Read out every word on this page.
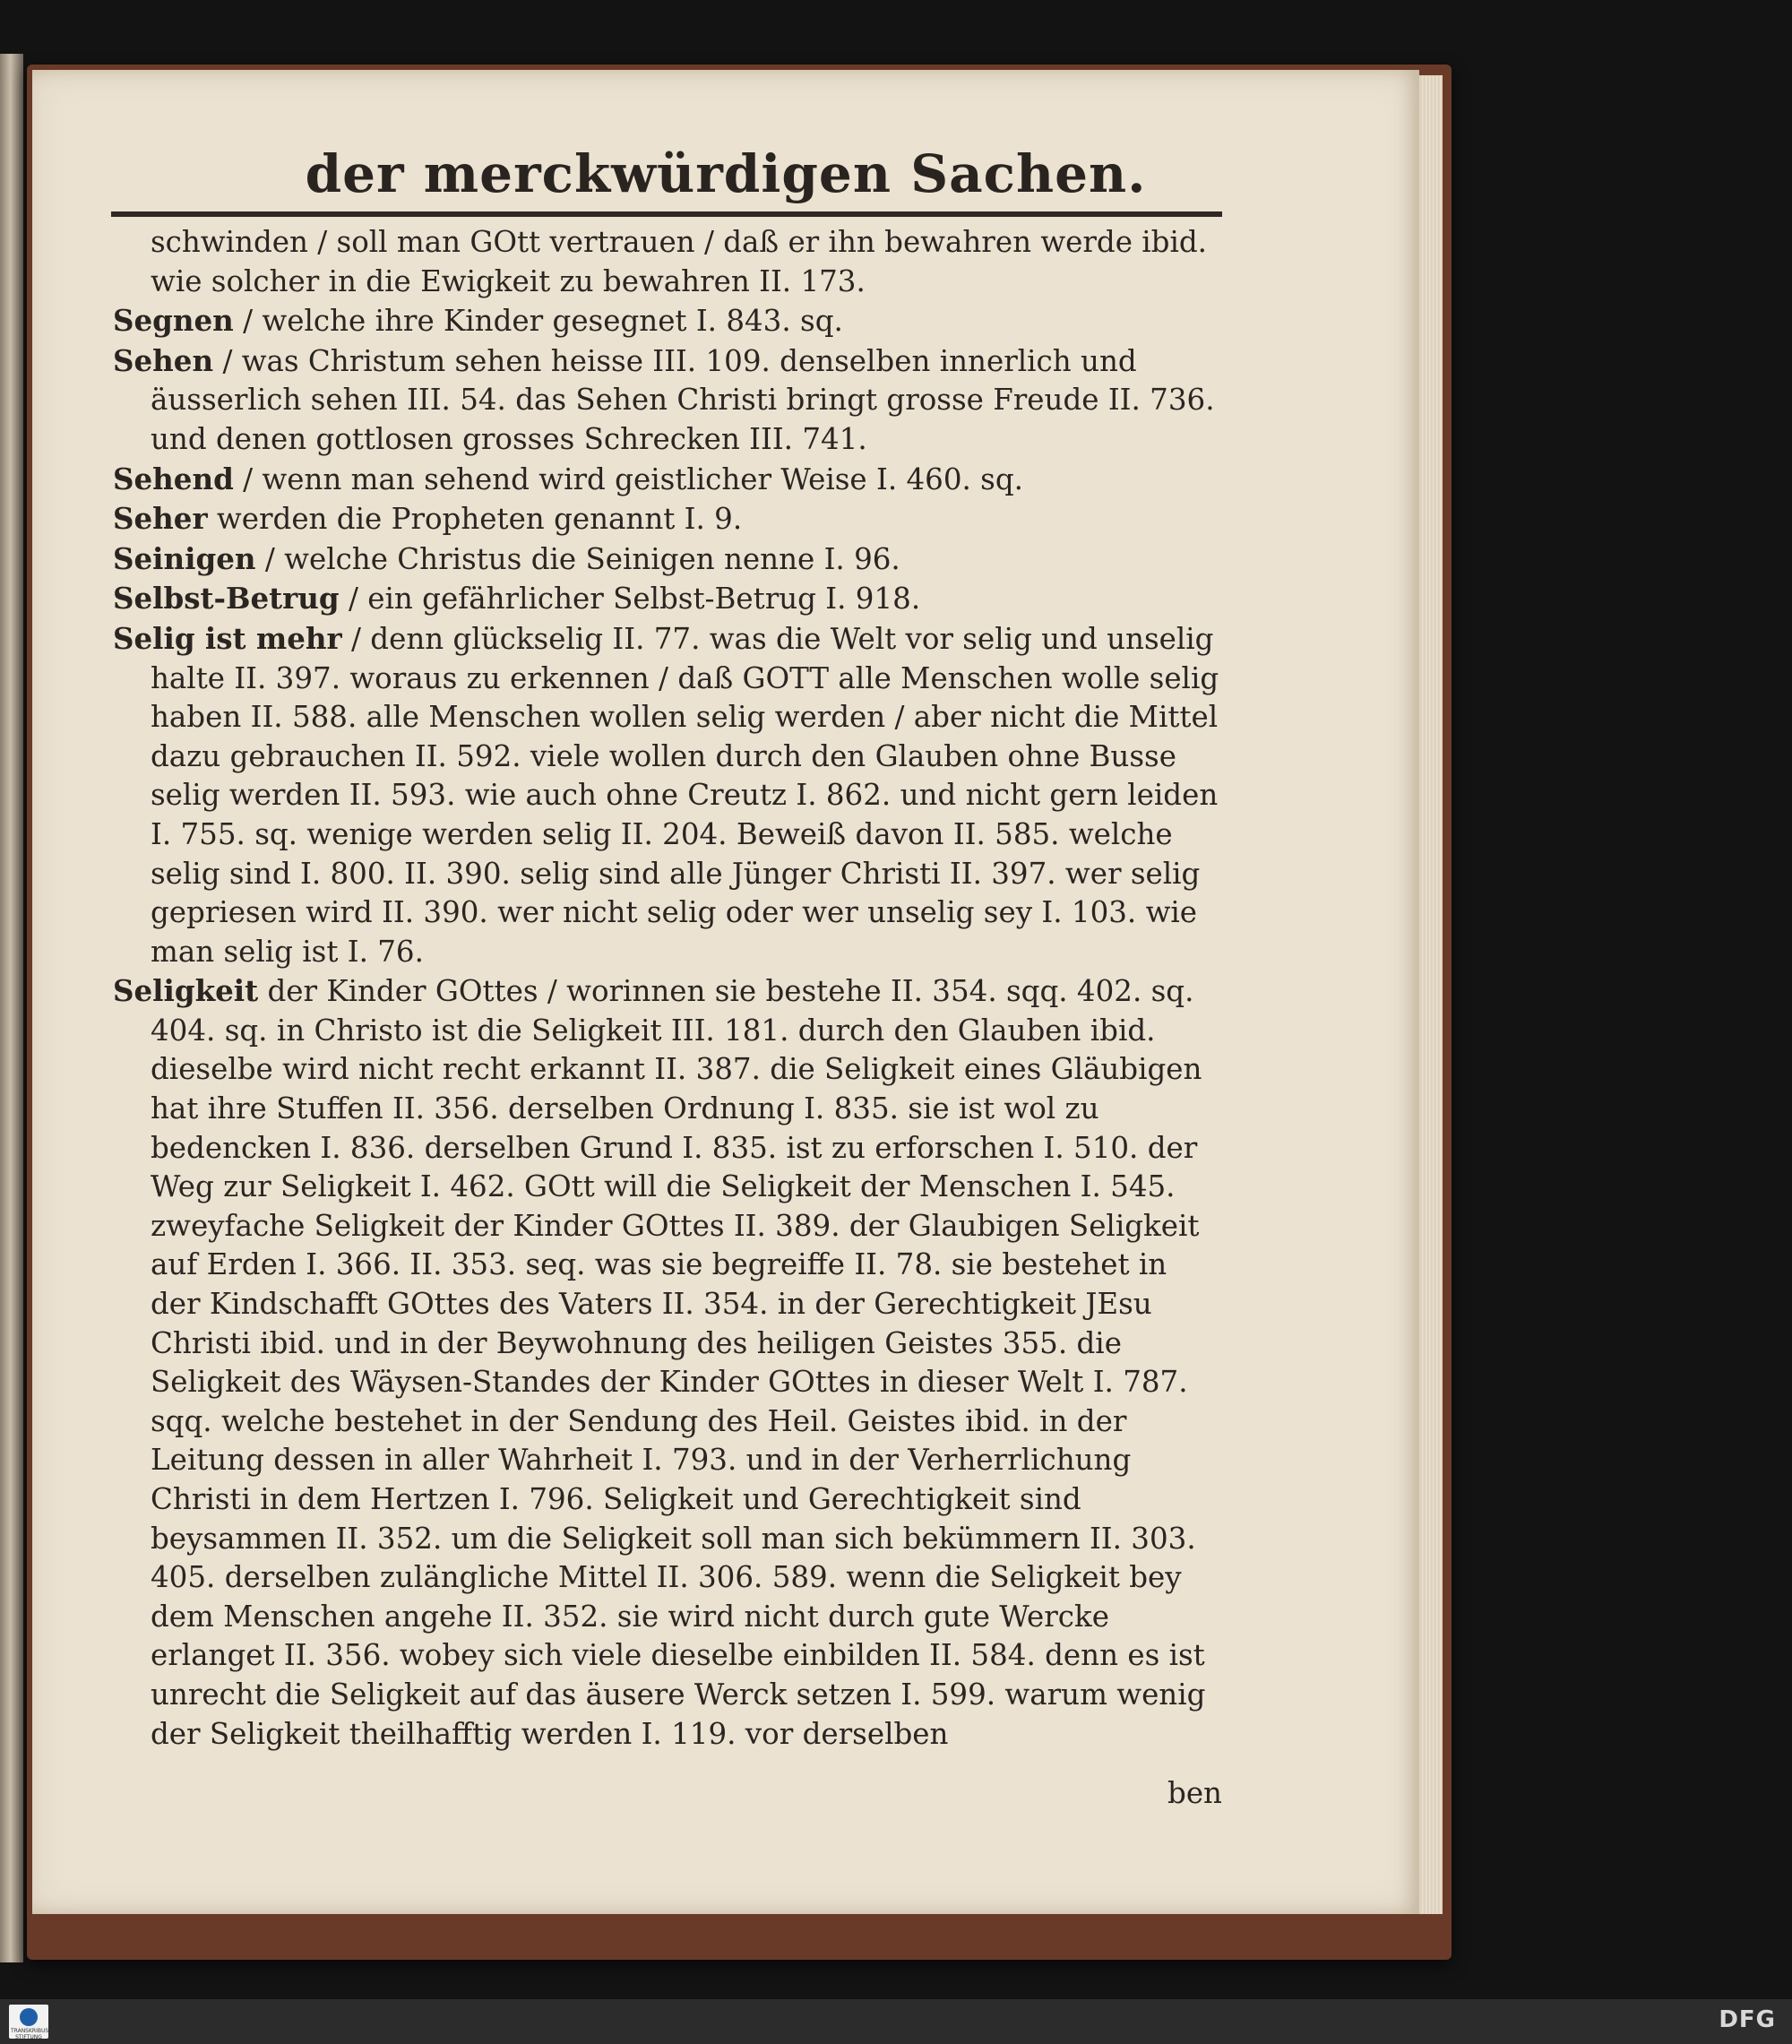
der merckwürdigen Sachen.

schwinden / soll man GOtt vertrauen / daß er ihn bewahren werde ibid. wie solcher in die Ewigkeit zu bewahren II. 173.

Segnen / welche ihre Kinder gesegnet I. 843. sq.

Sehen / was Christum sehen heisse III. 109. denselben innerlich und äusserlich sehen III. 54. das Sehen Christi bringt grosse Freude II. 736. und denen gottlosen grosses Schrecken III. 741.

Sehend / wenn man sehend wird geistlicher Weise I. 460. sq.

Seher werden die Propheten genannt I. 9.

Seinigen / welche Christus die Seinigen nenne I. 96.

Selbst-Betrug / ein gefährlicher Selbst-Betrug I. 918.

Selig ist mehr / denn glückselig II. 77. was die Welt vor selig und unselig halte II. 397. woraus zu erkennen / daß GOTT alle Menschen wolle selig haben II. 588. alle Menschen wollen selig werden / aber nicht die Mittel dazu gebrauchen II. 592. viele wollen durch den Glauben ohne Busse selig werden II. 593. wie auch ohne Creutz I. 862. und nicht gern leiden I. 755. sq. wenige werden selig II. 204. Beweiß davon II. 585. welche selig sind I. 800. II. 390. selig sind alle Jünger Christi II. 397. wer selig gepriesen wird II. 390. wer nicht selig oder wer unselig sey I. 103. wie man selig ist I. 76.

Seligkeit der Kinder GOttes / worinnen sie bestehe II. 354. sqq. 402. sq. 404. sq. in Christo ist die Seligkeit III. 181. durch den Glauben ibid. dieselbe wird nicht recht erkannt II. 387. die Seligkeit eines Gläubigen hat ihre Stuffen II. 356. derselben Ordnung I. 835. sie ist wol zu bedencken I. 836. derselben Grund I. 835. ist zu erforschen I. 510. der Weg zur Seligkeit I. 462. GOtt will die Seligkeit der Menschen I. 545. zweyfache Seligkeit der Kinder GOttes II. 389. der Glaubigen Seligkeit auf Erden I. 366. II. 353. seq. was sie begreiffe II. 78. sie bestehet in der Kindschafft GOttes des Vaters II. 354. in der Gerechtigkeit JEsu Christi ibid. und in der Beywohnung des heiligen Geistes 355. die Seligkeit des Wäysen-Standes der Kinder GOttes in dieser Welt I. 787. sqq. welche bestehet in der Sendung des Heil. Geistes ibid. in der Leitung dessen in aller Wahrheit I. 793. und in der Verherrlichung Christi in dem Hertzen I. 796. Seligkeit und Gerechtigkeit sind beysammen II. 352. um die Seligkeit soll man sich bekümmern II. 303. 405. derselben zulängliche Mittel II. 306. 589. wenn die Seligkeit bey dem Menschen angehe II. 352. sie wird nicht durch gute Wercke erlanget II. 356. wobey sich viele dieselbe einbilden II. 584. denn es ist unrecht die Seligkeit auf das äusere Werck setzen I. 599. warum wenig der Seligkeit theilhafftig werden I. 119. vor derselben

ben
TRANSKRIBUS STIFTUNG
DFG
